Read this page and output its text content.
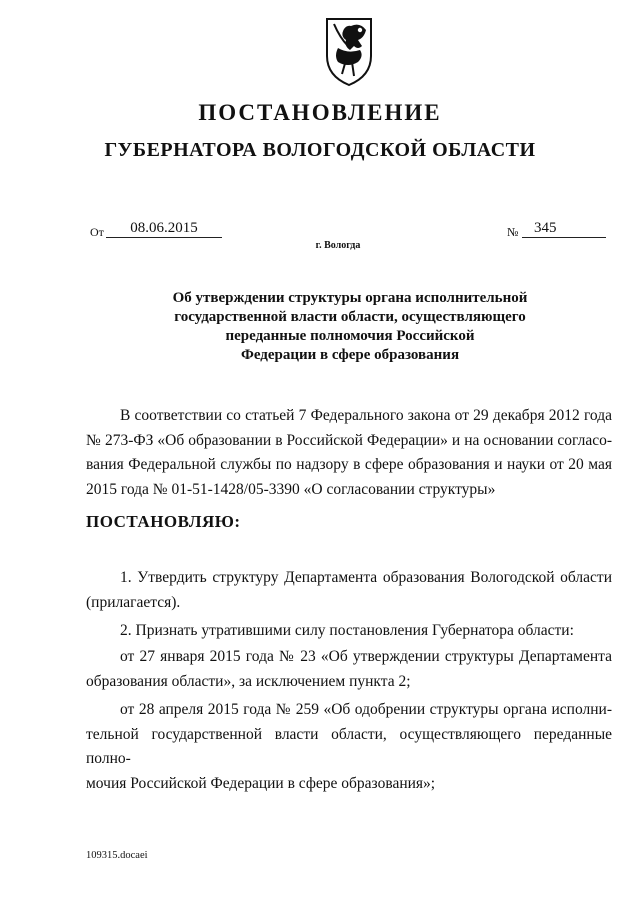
ПОСТАНОВЛЕНИЕ
ГУБЕРНАТОРА ВОЛОГОДСКОЙ ОБЛАСТИ
От	08.06.2015	№	345
г. Вологда
Об утверждении структуры органа исполнительной
государственной власти области, осуществляющего
переданные полномочия Российской
Федерации в сфере образования
В соответствии со статьей 7 Федерального закона от 29 декабря 2012 года
№ 273-ФЗ «Об образовании в Российской Федерации» и на основании согласо-
вания Федеральной службы по надзору в сфере образования и науки от 20 мая
2015 года № 01-51-1428/05-3390 «О согласовании структуры»
ПОСТАНОВЛЯЮ:
1. Утвердить структуру Департамента образования Вологодской области
(прилагается).
2. Признать утратившими силу постановления Губернатора области:
от 27 января 2015 года № 23 «Об утверждении структуры Департамента
образования области», за исключением пункта 2;
от 28 апреля 2015 года № 259 «Об одобрении структуры органа исполни-
тельной государственной власти области, осуществляющего переданные полно-
мочия Российской Федерации в сфере образования»;
109315.docaei
